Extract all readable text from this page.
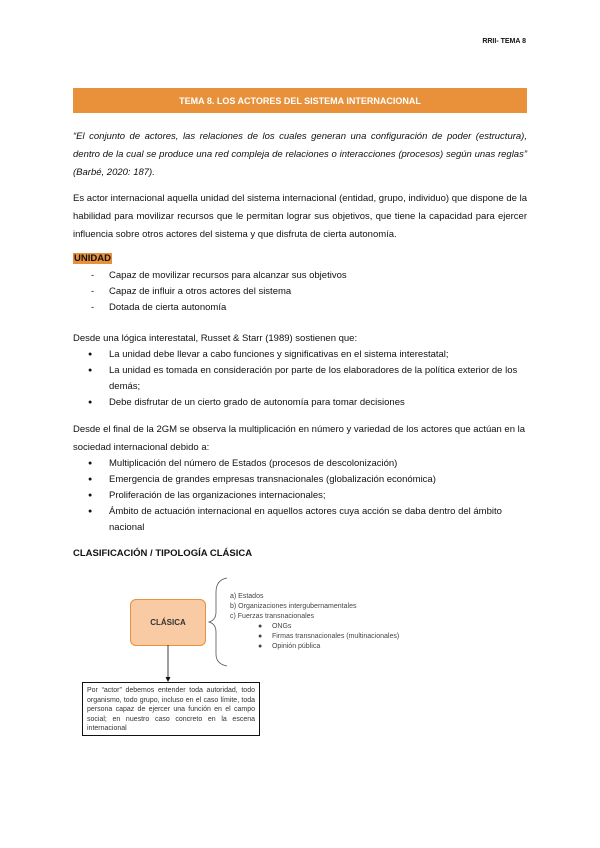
RRII- TEMA 8
TEMA 8. LOS ACTORES DEL SISTEMA INTERNACIONAL
“El conjunto de actores, las relaciones de los cuales generan una configuración de poder (estructura), dentro de la cual se produce una red compleja de relaciones o interacciones (procesos) según unas reglas” (Barbé, 2020: 187).
Es actor internacional aquella unidad del sistema internacional (entidad, grupo, individuo) que dispone de la habilidad para movilizar recursos que le permitan lograr sus objetivos, que tiene la capacidad para ejercer influencia sobre otros actores del sistema y que disfruta de cierta autonomía.
UNIDAD
- Capaz de movilizar recursos para alcanzar sus objetivos
- Capaz de influir a otros actores del sistema
- Dotada de cierta autonomía
Desde una lógica interestatal, Russet & Starr (1989) sostienen que:
● La unidad debe llevar a cabo funciones y significativas en el sistema interestatal;
● La unidad es tomada en consideración por parte de los elaboradores de la política exterior de los demás;
● Debe disfrutar de un cierto grado de autonomía para tomar decisiones
Desde el final de la 2GM se observa la multiplicación en número y variedad de los actores que actúan en la sociedad internacional debido a:
● Multiplicación del número de Estados (procesos de descolonización)
● Emergencia de grandes empresas transnacionales (globalización económica)
● Proliferación de las organizaciones internacionales;
● Ámbito de actuación internacional en aquellos actores cuya acción se daba dentro del ámbito nacional
CLASIFICACIÓN / TIPOLOGÍA CLÁSICA
CLÁSICA
a) Estados
b) Organizaciones intergubernamentales
c) Fuerzas transnacionales
●     ONGs
●     Firmas transnacionales (multinacionales)
●     Opinión pública
Por “actor” debemos entender toda autoridad, todo organismo, todo grupo, incluso en el caso límite, toda persona capaz de ejercer una función en el campo social; en nuestro caso concreto en la escena internacional
